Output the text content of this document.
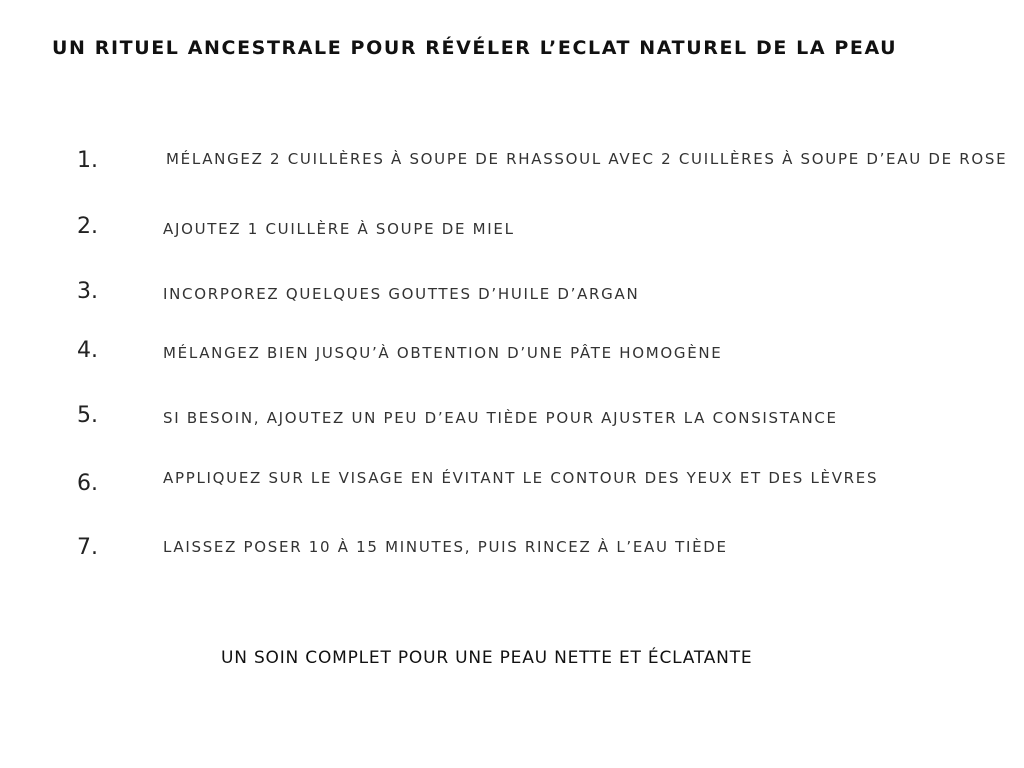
UN RITUEL ANCESTRALE POUR RÉVÉLER L’ECLAT NATUREL DE LA PEAU
1.	MÉLANGEZ 2 CUILLÈRES À SOUPE DE RHASSOUL AVEC 2 CUILLÈRES À SOUPE D’EAU DE ROSE
2.	AJOUTEZ 1 CUILLÈRE À SOUPE DE MIEL
3.	INCORPOREZ QUELQUES GOUTTES D’HUILE D’ARGAN
4.	MÉLANGEZ BIEN JUSQU’À OBTENTION D’UNE PÂTE HOMOGÈNE
5.	SI BESOIN, AJOUTEZ UN PEU D’EAU TIÈDE POUR AJUSTER LA CONSISTANCE
6.	APPLIQUEZ SUR LE VISAGE EN ÉVITANT LE CONTOUR DES YEUX ET DES LÈVRES
7.	LAISSEZ POSER 10 À 15 MINUTES, PUIS RINCEZ À L’EAU TIÈDE
UN SOIN COMPLET POUR UNE PEAU NETTE ET ÉCLATANTE
